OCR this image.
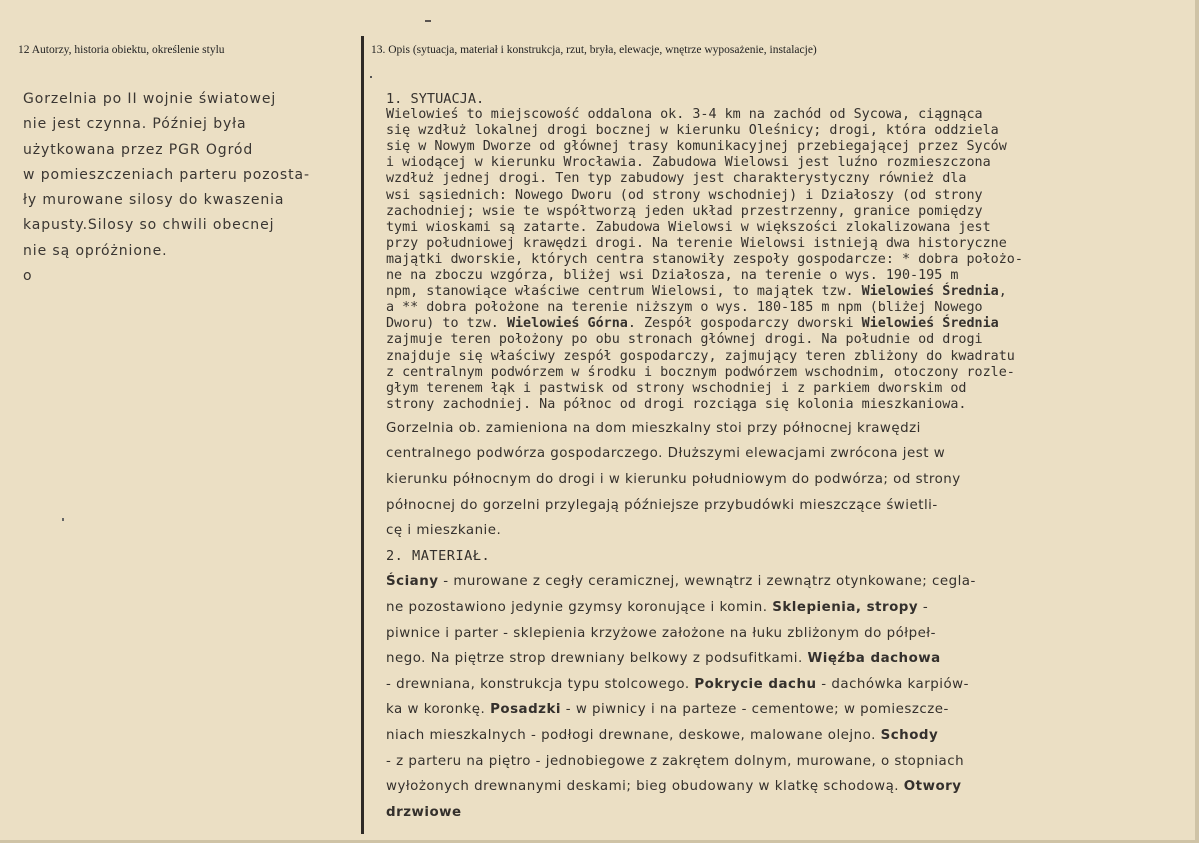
12 Autorzy, historia obiektu, określenie stylu	13. Opis (sytuacja, materiał i konstrukcja, rzut, bryła, elewacje, wnętrze wyposażenie, instalacje)
Gorzelnia po II wojnie światowej
nie jest czynna. Później była
użytkowana przez PGR Ogród
w pomieszczeniach parteru pozosta-
ły murowane silosy do kwaszenia
kapusty.Silosy so chwili obecnej
nie są opróżnione.
o
1. SYTUACJA.
Wielowieś to miejscowość oddalona ok. 3-4 km na zachód od Sycowa, ciągnąca
się wzdłuż lokalnej drogi bocznej w kierunku Oleśnicy; drogi, która oddziela
się w Nowym Dworze od głównej trasy komunikacyjnej przebiegającej przez Syców
i wiodącej w kierunku Wrocławia. Zabudowa Wielowsi jest luźno rozmieszczona
wzdłuż jednej drogi. Ten typ zabudowy jest charakterystyczny również dla
wsi sąsiednich: Nowego Dworu (od strony wschodniej) i Działoszy (od strony
zachodniej; wsie te współtworzą jeden układ przestrzenny, granice pomiędzy
tymi wioskami są zatarte. Zabudowa Wielowsi w większości zlokalizowana jest
przy południowej krawędzi drogi. Na terenie Wielowsi istnieją dwa historyczne
majątki dworskie, których centra stanowiły zespoły gospodarcze: * dobra położo-
ne na zboczu wzgórza, bliżej wsi Działosza, na terenie o wys. 190-195 m
npm, stanowiące właściwe centrum Wielowsi, to majątek tzw. Wielowieś Średnia,
a ** dobra położone na terenie niższym o wys. 180-185 m npm (bliżej Nowego
Dworu) to tzw. Wielowieś Górna. Zespół gospodarczy dworski Wielowieś Średnia
zajmuje teren położony po obu stronach głównej drogi. Na południe od drogi
znajduje się właściwy zespół gospodarczy, zajmujący teren zbliżony do kwadratu
z centralnym podwórzem w środku i bocznym podwórzem wschodnim, otoczony rozle-
głym terenem łąk i pastwisk od strony wschodniej i z parkiem dworskim od
strony zachodniej. Na północ od drogi rozciąga się kolonia mieszkaniowa.
Gorzelnia ob. zamieniona na dom mieszkalny stoi przy północnej krawędzi
centralnego podwórza gospodarczego. Dłuższymi elewacjami zwrócona jest w
kierunku północnym do drogi i w kierunku południowym do podwórza; od strony
północnej do gorzelni przylegają późniejsze przybudówki mieszczące świetli-
cę i mieszkanie.
2. MATERIAŁ.
Ściany - murowane z cegły ceramicznej, wewnątrz i zewnątrz otynkowane; cegla-
ne pozostawiono jedynie gzymsy koronujące i komin. Sklepienia, stropy -
piwnice i parter - sklepienia krzyżowe założone na łuku zbliżonym do półpeł-
nego. Na piętrze strop drewniany belkowy z podsufitkami. Więźba dachowa
- drewniana, konstrukcja typu stolcowego. Pokrycie dachu - dachówka karpiów-
ka w koronkę. Posadzki - w piwnicy i na parteze - cementowe; w pomieszcze-
niach mieszkalnych - podłogi drewnane, deskowe, malowane olejno. Schody
- z parteru na piętro - jednobiegowe z zakrętem dolnym, murowane, o stopniach
wyłożonych drewnanymi deskami; bieg obudowany w klatkę schodową. Otwory
drzwiowe
